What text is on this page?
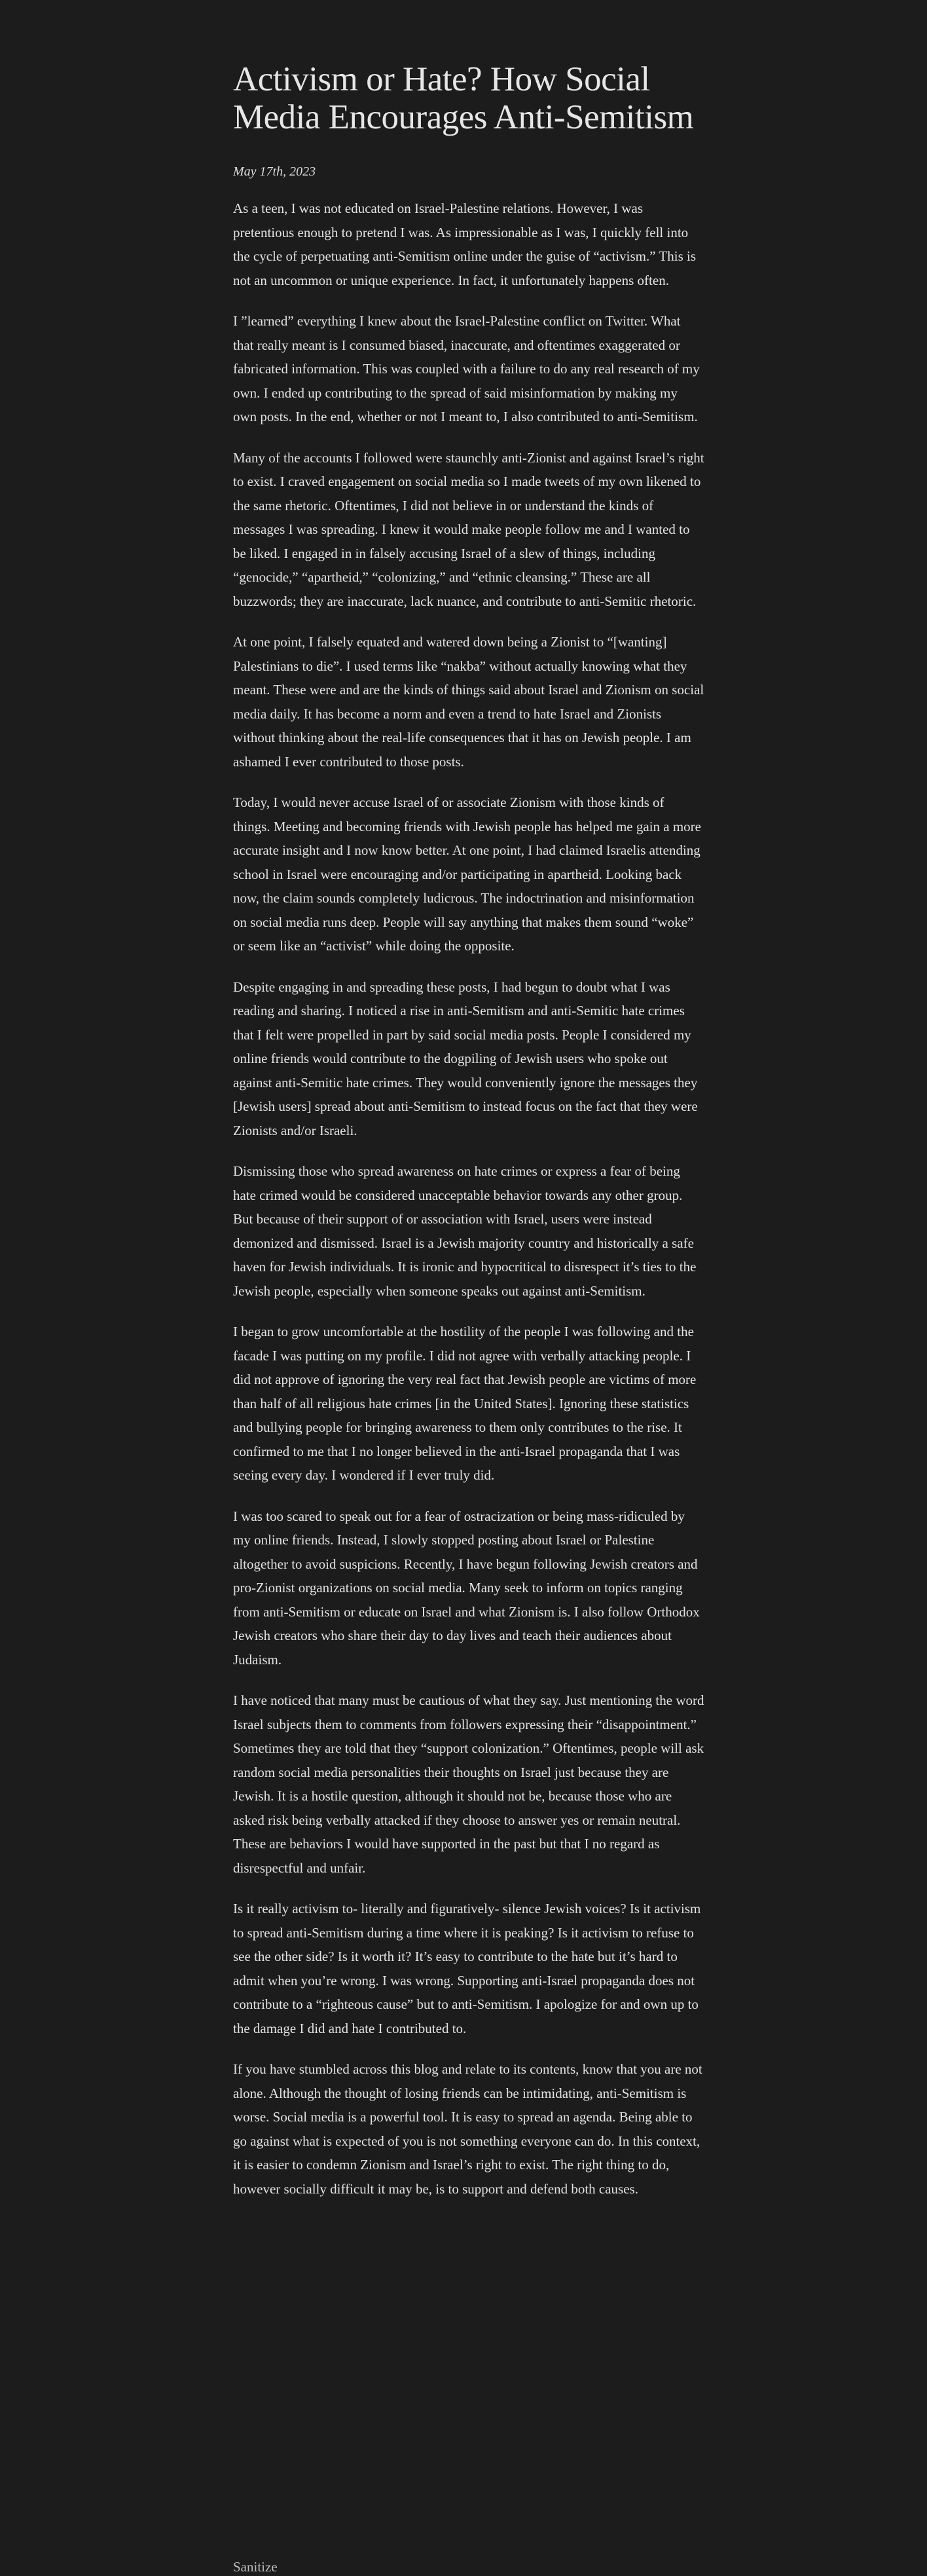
Activism or Hate? How Social Media Encourages Anti-Semitism

May 17th, 2023

As a teen, I was not educated on Israel-Palestine relations. However, I was pretentious enough to pretend I was. As impressionable as I was, I quickly fell into the cycle of perpetuating anti-Semitism online under the guise of “activism.” This is not an uncommon or unique experience. In fact, it unfortunately happens often.

I ”learned” everything I knew about the Israel-Palestine conflict on Twitter. What that really meant is I consumed biased, inaccurate, and oftentimes exaggerated or fabricated information. This was coupled with a failure to do any real research of my own. I ended up contributing to the spread of said misinformation by making my own posts. In the end, whether or not I meant to, I also contributed to anti-Semitism.

Many of the accounts I followed were staunchly anti-Zionist and against Israel’s right to exist. I craved engagement on social media so I made tweets of my own likened to the same rhetoric. Oftentimes, I did not believe in or understand the kinds of messages I was spreading. I knew it would make people follow me and I wanted to be liked. I engaged in in falsely accusing Israel of a slew of things, including “genocide,” “apartheid,” “colonizing,” and “ethnic cleansing.” These are all buzzwords; they are inaccurate, lack nuance, and contribute to anti-Semitic rhetoric.

At one point, I falsely equated and watered down being a Zionist to “[wanting] Palestinians to die”. I used terms like “nakba” without actually knowing what they meant. These were and are the kinds of things said about Israel and Zionism on social media daily. It has become a norm and even a trend to hate Israel and Zionists without thinking about the real-life consequences that it has on Jewish people. I am ashamed I ever contributed to those posts.

Today, I would never accuse Israel of or associate Zionism with those kinds of things. Meeting and becoming friends with Jewish people has helped me gain a more accurate insight and I now know better. At one point, I had claimed Israelis attending school in Israel were encouraging and/or participating in apartheid. Looking back now, the claim sounds completely ludicrous. The indoctrination and misinformation on social media runs deep. People will say anything that makes them sound “woke” or seem like an “activist” while doing the opposite.

Despite engaging in and spreading these posts, I had begun to doubt what I was reading and sharing. I noticed a rise in anti-Semitism and anti-Semitic hate crimes that I felt were propelled in part by said social media posts. People I considered my online friends would contribute to the dogpiling of Jewish users who spoke out against anti-Semitic hate crimes. They would conveniently ignore the messages they [Jewish users] spread about anti-Semitism to instead focus on the fact that they were Zionists and/or Israeli.

Dismissing those who spread awareness on hate crimes or express a fear of being hate crimed would be considered unacceptable behavior towards any other group. But because of their support of or association with Israel, users were instead demonized and dismissed. Israel is a Jewish majority country and historically a safe haven for Jewish individuals. It is ironic and hypocritical to disrespect it’s ties to the Jewish people, especially when someone speaks out against anti-Semitism.

I began to grow uncomfortable at the hostility of the people I was following and the facade I was putting on my profile. I did not agree with verbally attacking people. I did not approve of ignoring the very real fact that Jewish people are victims of more than half of all religious hate crimes [in the United States]. Ignoring these statistics and bullying people for bringing awareness to them only contributes to the rise. It confirmed to me that I no longer believed in the anti-Israel propaganda that I was seeing every day. I wondered if I ever truly did.

I was too scared to speak out for a fear of ostracization or being mass-ridiculed by my online friends. Instead, I slowly stopped posting about Israel or Palestine altogether to avoid suspicions. Recently, I have begun following Jewish creators and pro-Zionist organizations on social media. Many seek to inform on topics ranging from anti-Semitism or educate on Israel and what Zionism is. I also follow Orthodox Jewish creators who share their day to day lives and teach their audiences about Judaism.

I have noticed that many must be cautious of what they say. Just mentioning the word Israel subjects them to comments from followers expressing their “disappointment.” Sometimes they are told that they “support colonization.” Oftentimes, people will ask random social media personalities their thoughts on Israel just because they are Jewish. It is a hostile question, although it should not be, because those who are asked risk being verbally attacked if they choose to answer yes or remain neutral. These are behaviors I would have supported in the past but that I no regard as disrespectful and unfair.

Is it really activism to- literally and figuratively- silence Jewish voices? Is it activism to spread anti-Semitism during a time where it is peaking? Is it activism to refuse to see the other side? Is it worth it? It’s easy to contribute to the hate but it’s hard to admit when you’re wrong. I was wrong. Supporting anti-Israel propaganda does not contribute to a “righteous cause” but to anti-Semitism. I apologize for and own up to the damage I did and hate I contributed to.

If you have stumbled across this blog and relate to its contents, know that you are not alone. Although the thought of losing friends can be intimidating, anti-Semitism is worse. Social media is a powerful tool. It is easy to spread an agenda. Being able to go against what is expected of you is not something everyone can do. In this context, it is easier to condemn Zionism and Israel’s right to exist. The right thing to do, however socially difficult it may be, is to support and defend both causes.

Sanitize
